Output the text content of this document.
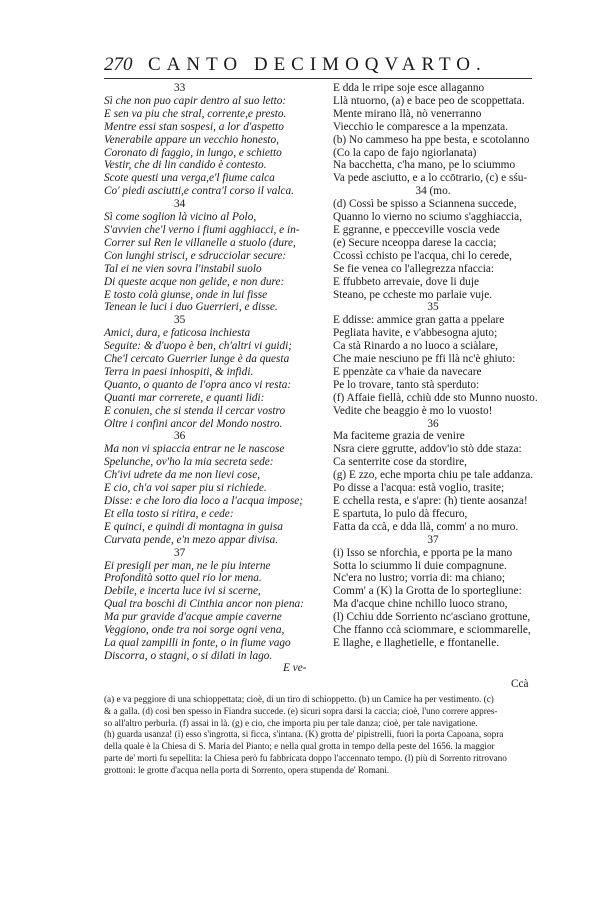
270 CANTO DECIMOQVARTO.
33
Sì che non puo capir dentro al suo letto:
E sen va piu che stral, corrente,e presto.
Mentre essi stan sospesi, a lor d'aspetto
Venerabile appare un vecchio honesto,
Coronato di faggio, in lungo, e schietto
Vestir, che di lin candido è contesto.
Scote questi una verga,e'l fiume calca
Co' piedi asciutti,e contra'l corso il valca.
34
Sì come soglion là vicino al Polo,
S'avvien che'l verno i fiumi agghiacci, e in-
Correr sul Ren le villanelle a stuolo (dure,
Con lunghi strisci, e sdrucciolar secure:
Tal ei ne vien sovra l'instabil suolo
Di queste acque non gelide, e non dure:
E tosto colà giunse, onde in lui fisse
Tenean le luci i duo Guerrieri, e disse.
35
Amici, dura, e faticosa inchiesta
Seguite: & d'uopo è ben, ch'altri vi guidi;
Che'l cercato Guerrier lunge è da questa
Terra in paesi inhospiti, & infidi.
Quanto, o quanto de l'opra anco vi resta:
Quanti mar correrete, e quanti lidi:
E conuien, che si stenda il cercar vostro
Oltre i confini ancor del Mondo nostro.
36
Ma non vi spiaccia entrar ne le nascose
Spelunche, ov'ho la mia secreta sede:
Ch'ivi udrete da me non lievi cose,
E cio, ch'a voi saper piu si richiede.
Disse: e che loro dia loco a l'acqua impose;
Et ella tosto si ritira, e cede:
E quinci, e quindi di montagna in guisa
Curvata pende, e'n mezo appar divisa.
37
Ei presigli per man, ne le piu interne
Profondità sotto quel rio lor mena.
Debile, e incerta luce ivi si scerne,
Qual tra boschi di Cinthia ancor non piena:
Ma pur gravide d'acque ampie caverne
Veggiono, onde tra noi sorge ogni vena,
La qual zampilli in fonte, o in fiume vago
Discorra, o stagni, o si dilati in lago.
E dda le rripe soje esce allaganno
Llà ntuorno, (a) e bace peo de scoppettata.
Mente mirano llà, nò venerranno
Viecchio le comparesce a la mpenzata.
(b) No cammeso ha ppe besta, e scotolanno
(Co la capo de fajo ngiorlanata)
Na bacchetta, c'ha mano, pe lo sciummo
Va pede asciutto, e a lo ccōtrario, (c) e sśu-
34 (mo.
(d) Cossì be spisso a Sciannena succede,
Quanno lo vierno no sciumo s'agghiaccia,
E ggranne, e ppecceville voscia vede
(e) Secure nceoppa darese la caccia;
Ccossì cchisto pe l'acqua, chi lo cerede,
Se fie venea co l'allegrezza nfaccia:
E ffubbeto arrevaie, dove li duje
Steano, pe ccheste mo parlaie vuje.
35
E ddisse: ammice gran gatta a ppelare
Pegliata havite, e v'abbesogna ajuto;
Ca stà Rinardo a no luoco a sciàlare,
Che maie nesciuno pe ffi llà nc'è ghiuto:
E ppenzàte ca v'haie da navecare
Pe lo trovare, tanto stà sperduto:
(f) Affaie fiellà, cchiù dde sto Munno nuosto.
Vedite che beaggio è mo lo vuosto!
36
Ma faciteme grazia de venire
Nsra ciere ggrutte, addov'io stò dde staza:
Ca senterrite cose da stordire,
(g) E zzo, eche mporta chiu pe tale addanza.
Po disse a l'acqua: està voglio, trasite;
E cchella resta, e s'apre: (h) tiente aosanza!
E spartuta, lo pulo dà ffecuro,
Fatta da ccà, e dda llà, comm' a no muro.
37
(i) Isso se nforchia, e pporta pe la mano
Sotta lo sciummo li duie compagnune.
Nc'era no lustro; vorria di: ma chiano;
Comm' a (K) la Grotta de lo sportegliune:
Ma d'acque chine nchillo luoco strano,
(l) Cchiu dde Sorriento nc'ascìano grottune,
Che ffanno ccà sciommare, e sciommarelle,
E llaghe, e llaghetielle, e ffontanelle.
E ve-
Ccà
(a) e va peggiore di una schioppettata; cioè, di un tiro di schioppetto. (b) un Camice ha per vestimento. (c)
& a galla. (d) così ben spesso in Fiandra succede. (e) sicuri sopra darsi la caccia; cioè, l'uno correre appres-
so all'altro perburla. (f) assai in là. (g) e cio, che importa piu per tale danza; cioè, per tale navigatione.
(h) guarda usanza! (i) esso s'ingrotta, si ficca, s'intana. (K) grotta de' pipistrelli, fuori la porta Capoana, sopra
della quale è la Chiesa di S. Maria del Pianto; e nella qual grotta in tempo della peste del 1656. la maggior
parte de' morti fu sepellita: la Chiesa però fu fabbricata doppo l'accennato tempo. (l) più di Sorrento ritrovano
grottoni: le grotte d'acqua nella porta di Sorrento, opera stupenda de' Romani.
